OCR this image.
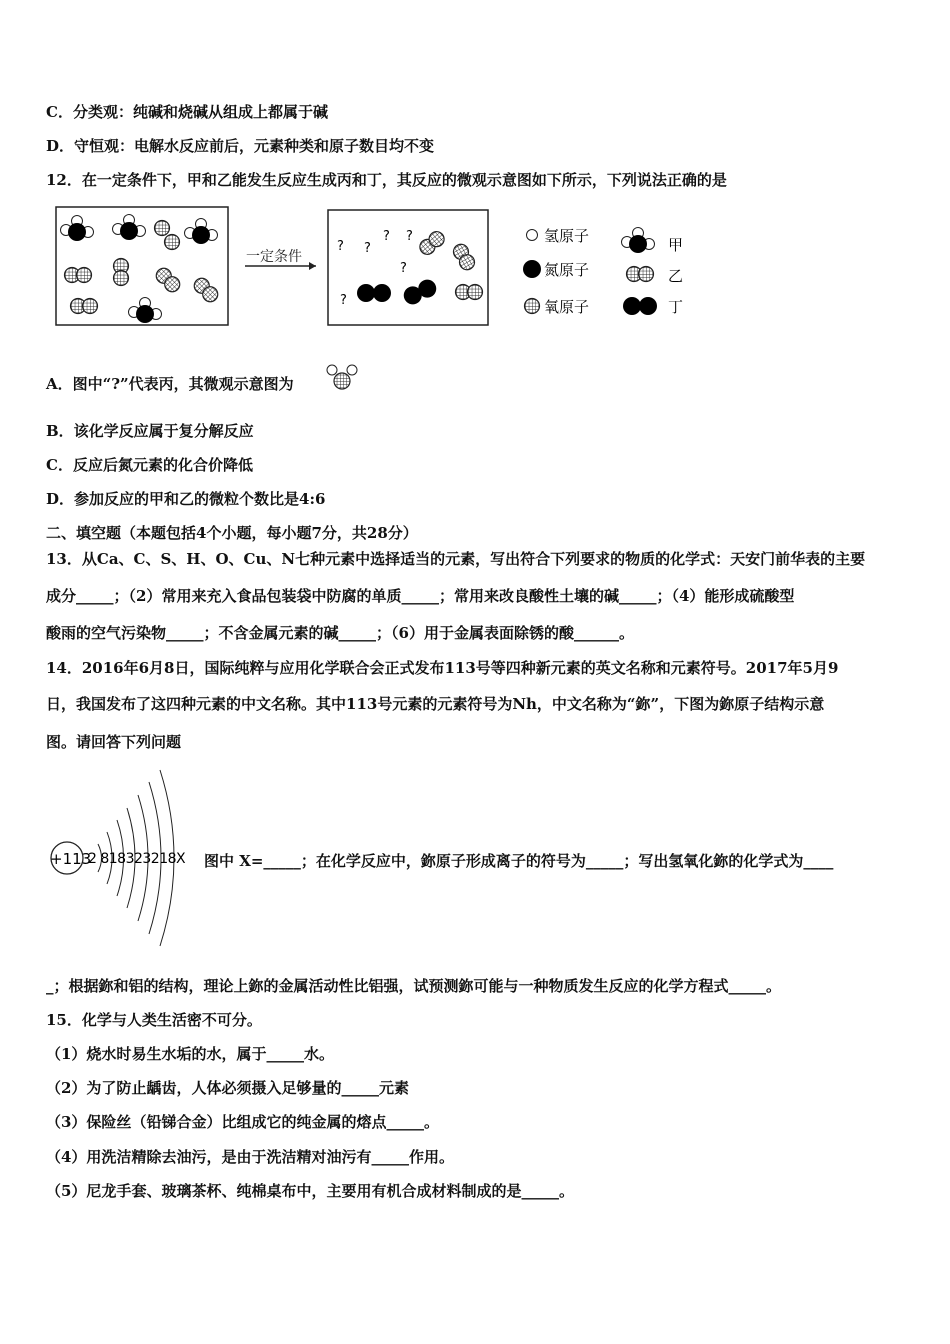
C．分类观：纯碱和烧碱从组成上都属于碱
D．守恒观：电解水反应前后，元素种类和原子数目均不变
12．在一定条件下，甲和乙能发生反应生成丙和丁，其反应的微观示意图如下所示，下列说法正确的是
一定条件
? ?
? ?
?
?
氢原子
氮原子
氧原子
甲
乙
丁
A．图中“?”代表丙，其微观示意图为
B．该化学反应属于复分解反应
C．反应后氮元素的化合价降低
D．参加反应的甲和乙的微粒个数比是4:6
二、填空题（本题包括4个小题，每小题7分，共28分）
13．从Ca、C、S、H、O、Cu、N七种元素中选择适当的元素，写出符合下列要求的物质的化学式：天安门前华表的主要
成分_____；（2）常用来充入食品包装袋中防腐的单质_____；常用来改良酸性土壤的碱_____；（4）能形成硫酸型
酸雨的空气污染物_____；不含金属元素的碱_____；（6）用于金属表面除锈的酸______。
14．2016年6月8日，国际纯粹与应用化学联合会正式发布113号等四种新元素的英文名称和元素符号。2017年5月9
日，我国发布了这四种元素的中文名称。其中113号元素的元素符号为Nh，中文名称为“鉨”，下图为鉨原子结构示意
图。请回答下列问题
+113
2 818323218X 图中 X=_____；在化学反应中，鉨原子形成离子的符号为_____；写出氢氧化鉨的化学式为____
_；根据鉨和铝的结构，理论上鉨的金属活动性比铝强，试预测鉨可能与一种物质发生反应的化学方程式_____。
15．化学与人类生活密不可分。
（1）烧水时易生水垢的水，属于_____水。
（2）为了防止龋齿，人体必须摄入足够量的_____元素
（3）保险丝（铅锑合金）比组成它的纯金属的熔点_____。
（4）用洗洁精除去油污，是由于洗洁精对油污有_____作用。
（5）尼龙手套、玻璃茶杯、纯棉桌布中，主要用有机合成材料制成的是_____。
